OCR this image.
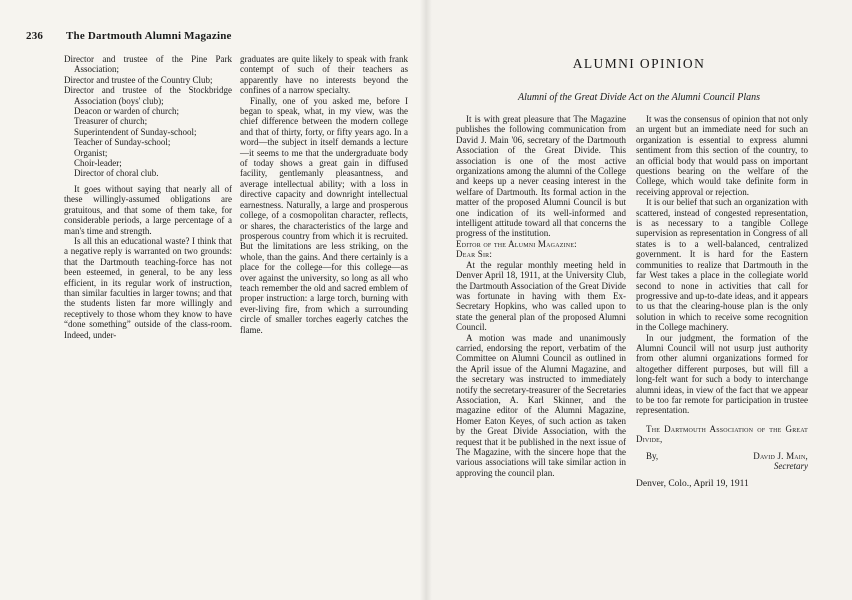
236 The Dartmouth Alumni Magazine
Director and trustee of the Pine Park Association;
Director and trustee of the Country Club;
Director and trustee of the Stockbridge Association (boys' club);
Deacon or warden of church;
Treasurer of church;
Superintendent of Sunday-school;
Teacher of Sunday-school;
Organist;
Choir-leader;
Director of choral club.

It goes without saying that nearly all of these willingly-assumed obligations are gratuitous, and that some of them take, for considerable periods, a large percentage of a man's time and strength.

Is all this an educational waste? I think that a negative reply is warranted on two grounds: that the Dartmouth teaching-force has not been esteemed, in general, to be any less efficient, in its regular work of instruction, than similar faculties in larger towns; and that the students listen far more willingly and receptively to those whom they know to have “done something” outside of the class-room. Indeed, under-

graduates are quite likely to speak with frank contempt of such of their teachers as apparently have no interests beyond the confines of a narrow specialty.

Finally, one of you asked me, before I began to speak, what, in my view, was the chief difference between the modern college and that of thirty, forty, or fifty years ago. In a word—the subject in itself demands a lecture—it seems to me that the undergraduate body of today shows a great gain in diffused facility, gentlemanly pleasantness, and average intellectual ability; with a loss in directive capacity and downright intellectual earnestness. Naturally, a large and prosperous college, of a cosmopolitan character, reflects, or shares, the characteristics of the large and prosperous country from which it is recruited. But the limitations are less striking, on the whole, than the gains. And there certainly is a place for the college—for this college—as over against the university, so long as all who teach remember the old and sacred emblem of proper instruction: a large torch, burning with ever-living fire, from which a surrounding circle of smaller torches eagerly catches the flame.

ALUMNI OPINION
Alumni of the Great Divide Act on the Alumni Council Plans

It is with great pleasure that The Magazine publishes the following communication from David J. Main '06, secretary of the Dartmouth Association of the Great Divide. This association is one of the most active organizations among the alumni of the College and keeps up a never ceasing interest in the welfare of Dartmouth. Its formal action in the matter of the proposed Alumni Council is but one indication of its well-informed and intelligent attitude toward all that concerns the progress of the institution.

Editor of the Alumni Magazine:

Dear Sir:

At the regular monthly meeting held in Denver April 18, 1911, at the University Club, the Dartmouth Association of the Great Divide was fortunate in having with them Ex-Secretary Hopkins, who was called upon to state the general plan of the proposed Alumni Council.

A motion was made and unanimously carried, endorsing the report, verbatim of the Committee on Alumni Council as outlined in the April issue of the Alumni Magazine, and the secretary was instructed to immediately notify the secretary-treasurer of the Secretaries Association, A. Karl Skinner, and the magazine editor of the Alumni Magazine, Homer Eaton Keyes, of such action as taken by the Great Divide Association, with the request that it be published in the next issue of The Magazine, with the sincere hope that the various associations will take similar action in approving the council plan.

It was the consensus of opinion that not only an urgent but an immediate need for such an organization is essential to express alumni sentiment from this section of the country, to an official body that would pass on important questions bearing on the welfare of the College, which would take definite form in receiving approval or rejection.

It is our belief that such an organization with scattered, instead of congested representation, is as necessary to a tangible College supervision as representation in Congress of all states is to a well-balanced, centralized government. It is hard for the Eastern communities to realize that Dartmouth in the far West takes a place in the collegiate world second to none in activities that call for progressive and up-to-date ideas, and it appears to us that the clearing-house plan is the only solution in which to receive some recognition in the College machinery.

In our judgment, the formation of the Alumni Council will not usurp just authority from other alumni organizations formed for altogether different purposes, but will fill a long-felt want for such a body to interchange alumni ideas, in view of the fact that we appear to be too far remote for participation in trustee representation.

The Dartmouth Association of the Great Divide,

By,	David J. Main,
Secretary
Denver, Colo., April 19, 1911
